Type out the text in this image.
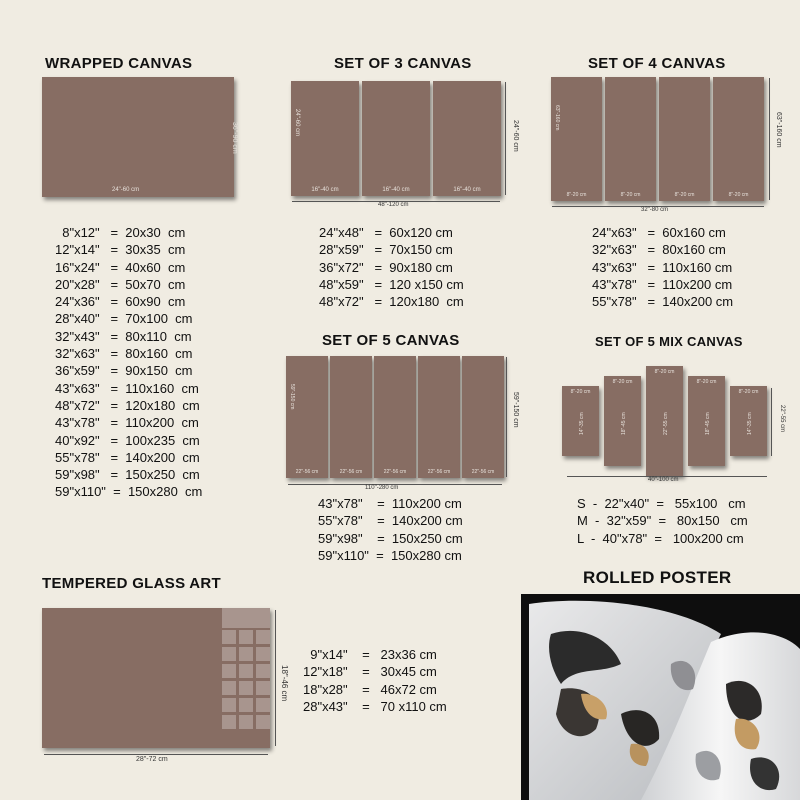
WRAPPED CANVAS
24"-60 cm
36"-90 cm
8"x12"   =  20x30  cm
12"x14"   =  30x35  cm
16"x24"   =  40x60  cm
20"x28"   =  50x70  cm
24"x36"   =  60x90  cm
28"x40"   =  70x100  cm
32"x43"   =  80x110  cm
32"x63"   =  80x160  cm
36"x59"   =  90x150  cm
43"x63"   =  110x160  cm
48"x72"   =  120x180  cm
43"x78"   =  110x200  cm
40"x92"   =  100x235  cm
55"x78"   =  140x200  cm
59"x98"   =  150x250  cm
59"x110"  =  150x280  cm
SET OF 3 CANVAS
16"-40 cm
24"-60 cm
16"-40 cm	16"-40 cm
48"-120 cm
24"-60 cm
24"x48"   =  60x120 cm
28"x59"   =  70x150 cm
36"x72"   =  90x180 cm
48"x59"   =  120 x150 cm
48"x72"   =  120x180  cm
SET OF 4 CANVAS
8"-20 cm
63"-160 cm
8"-20 cm	8"-20 cm	8"-20 cm
32"-80 cm
63"-160 cm
24"x63"   =  60x160 cm
32"x63"   =  80x160 cm
43"x63"   =  110x160 cm
43"x78"   =  110x200 cm
55"x78"   =  140x200 cm
SET OF 5 CANVAS
22"-56 cm
59"-150 cm
22"-56 cm	22"-56 cm	22"-56 cm	22"-56 cm
110"-280 cm
59"-150 cm
43"x78"    =  110x200 cm
55"x78"    =  140x200 cm
59"x98"    =  150x250 cm
59"x110"  =  150x280 cm
SET OF 5 MIX CANVAS
8"-20 cm
14"-35 cm
8"-20 cm
18"-45 cm
8"-20 cm
22"-55 cm
8"-20 cm
18"-45 cm
8"-20 cm
14"-35 cm
40"-100 cm
22"-55 cm
S  -  22"x40"  =   55x100   cm
M  -  32"x59"  =   80x150   cm
L  -  40"x78"  =   100x200 cm
TEMPERED GLASS ART
28"-72 cm
18"-46 cm
9"x14"    =   23x36 cm
12"x18"    =   30x45 cm
18"x28"    =   46x72 cm
28"x43"    =   70 x110 cm
ROLLED POSTER
